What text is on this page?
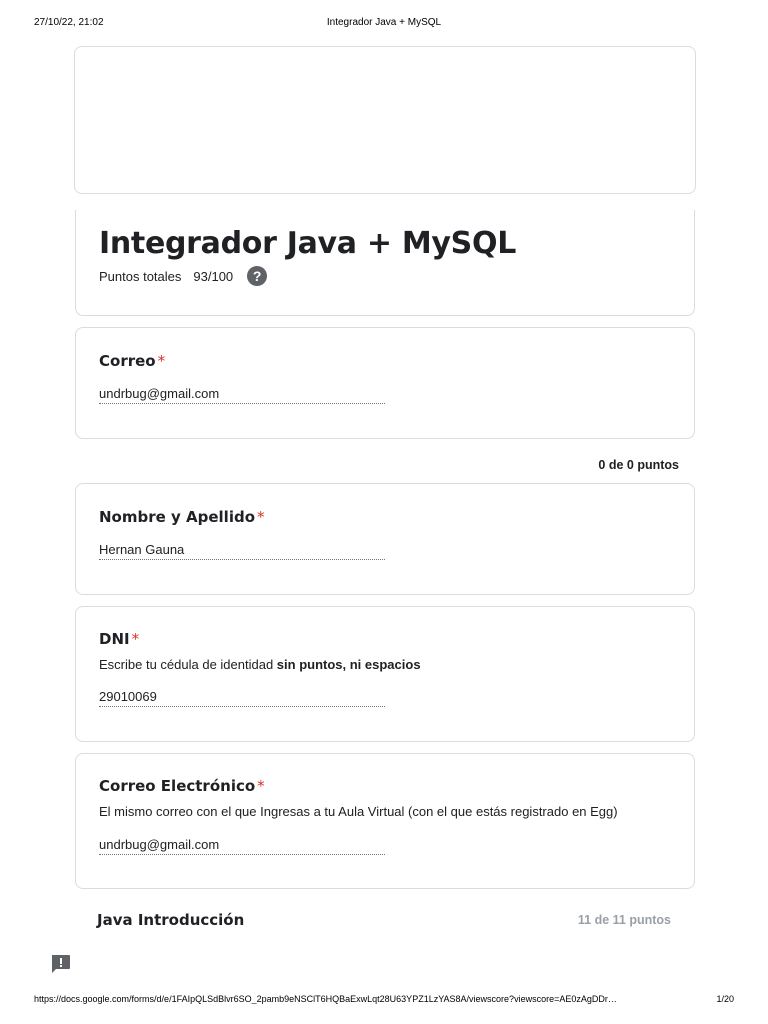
27/10/22, 21:02	Integrador Java + MySQL
Integrador Java + MySQL
Puntos totales 93/100	?
Correo *
undrbug@gmail.com
0 de 0 puntos
Nombre y Apellido *
Hernan Gauna
DNI *
Escribe tu cédula de identidad sin puntos, ni espacios
29010069
Correo Electrónico *
El mismo correo con el que Ingresas a tu Aula Virtual (con el que estás registrado en Egg)
undrbug@gmail.com
Java Introducción	11 de 11 puntos
https://docs.google.com/forms/d/e/1FAIpQLSdBlvr6SO_2pamb9eNSClT6HQBaExwLqt28U63YPZ1LzYAS8A/viewscore?viewscore=AE0zAgDDr…	1/20
